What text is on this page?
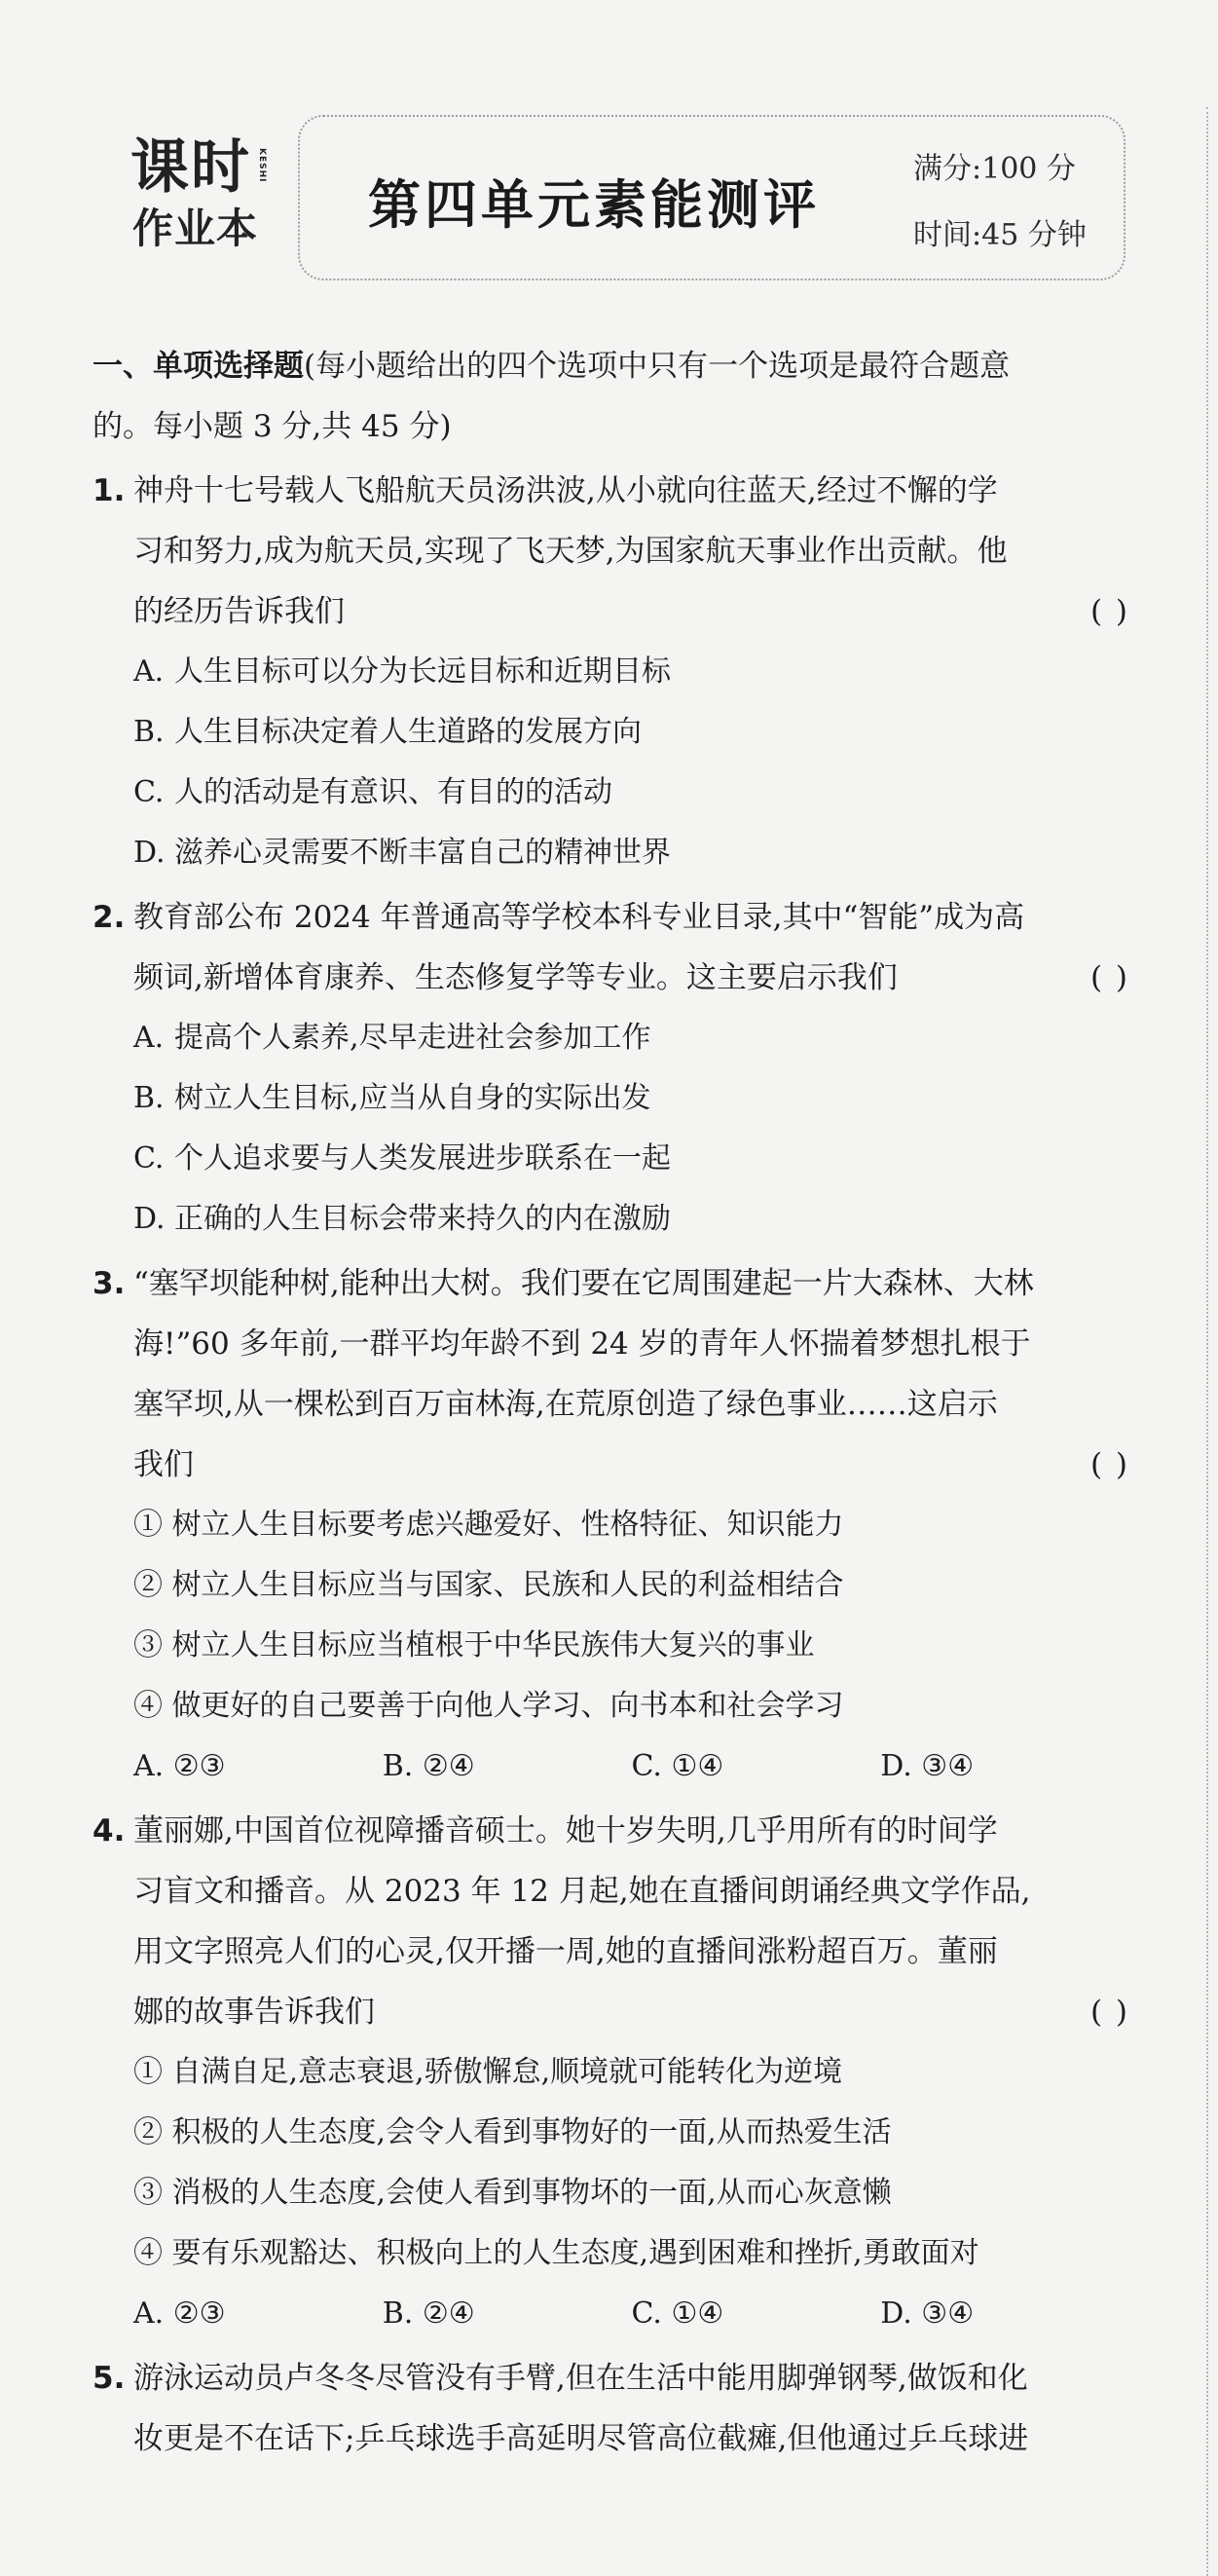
课时
作业本
KESHI
第四单元素能测评
满分:100 分
时间:45 分钟
一、单项选择题(每小题给出的四个选项中只有一个选项是最符合题意
的。每小题 3 分,共 45 分)
1. 神舟十七号载人飞船航天员汤洪波,从小就向往蓝天,经过不懈的学
习和努力,成为航天员,实现了飞天梦,为国家航天事业作出贡献。他
的经历告诉我们	( )
A. 人生目标可以分为长远目标和近期目标
B. 人生目标决定着人生道路的发展方向
C. 人的活动是有意识、有目的的活动
D. 滋养心灵需要不断丰富自己的精神世界
2. 教育部公布 2024 年普通高等学校本科专业目录,其中“智能”成为高
频词,新增体育康养、生态修复学等专业。这主要启示我们	( )
A. 提高个人素养,尽早走进社会参加工作
B. 树立人生目标,应当从自身的实际出发
C. 个人追求要与人类发展进步联系在一起
D. 正确的人生目标会带来持久的内在激励
3. “塞罕坝能种树,能种出大树。我们要在它周围建起一片大森林、大林
海!”60 多年前,一群平均年龄不到 24 岁的青年人怀揣着梦想扎根于
塞罕坝,从一棵松到百万亩林海,在荒原创造了绿色事业……这启示
我们	( )
① 树立人生目标要考虑兴趣爱好、性格特征、知识能力
② 树立人生目标应当与国家、民族和人民的利益相结合
③ 树立人生目标应当植根于中华民族伟大复兴的事业
④ 做更好的自己要善于向他人学习、向书本和社会学习
A. ②③	B. ②④	C. ①④	D. ③④
4. 董丽娜,中国首位视障播音硕士。她十岁失明,几乎用所有的时间学
习盲文和播音。从 2023 年 12 月起,她在直播间朗诵经典文学作品,
用文字照亮人们的心灵,仅开播一周,她的直播间涨粉超百万。董丽
娜的故事告诉我们	( )
① 自满自足,意志衰退,骄傲懈怠,顺境就可能转化为逆境
② 积极的人生态度,会令人看到事物好的一面,从而热爱生活
③ 消极的人生态度,会使人看到事物坏的一面,从而心灰意懒
④ 要有乐观豁达、积极向上的人生态度,遇到困难和挫折,勇敢面对
A. ②③	B. ②④	C. ①④	D. ③④
5. 游泳运动员卢冬冬尽管没有手臂,但在生活中能用脚弹钢琴,做饭和化
妆更是不在话下;乒乓球选手高延明尽管高位截瘫,但他通过乒乓球进
